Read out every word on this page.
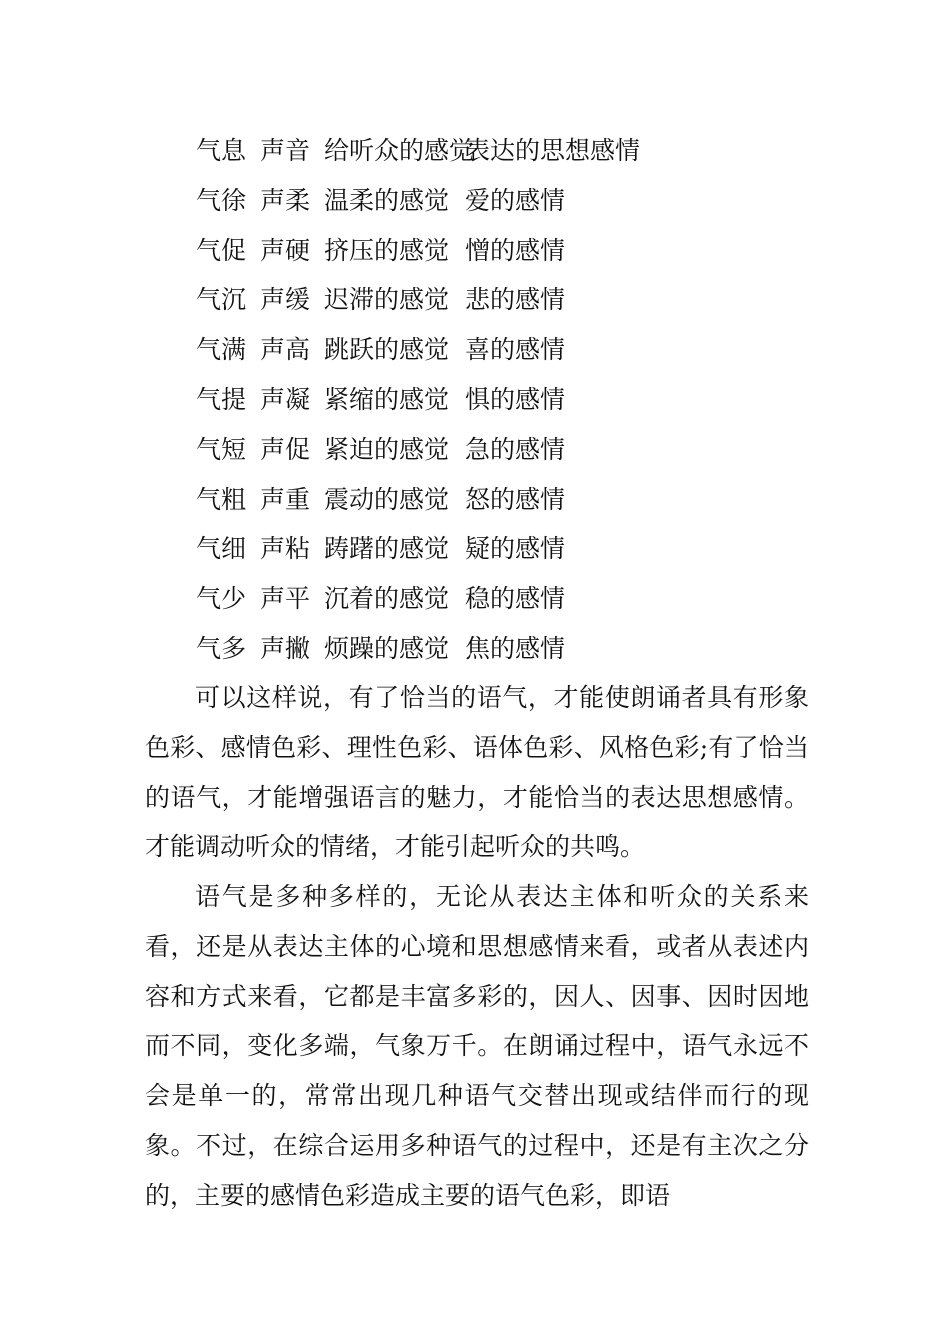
气息 声音 给听众的感觉
表达的思想感情
气徐 声柔 温柔的感觉 爱的感情
气促 声硬 挤压的感觉 憎的感情
气沉 声缓 迟滞的感觉 悲的感情
气满 声高 跳跃的感觉 喜的感情
气提 声凝 紧缩的感觉 惧的感情
气短 声促 紧迫的感觉 急的感情
气粗 声重 震动的感觉 怒的感情
气细 声粘 踌躇的感觉 疑的感情
气少 声平 沉着的感觉 稳的感情
气多 声撇 烦躁的感觉 焦的感情

可以这样说，有了恰当的语气，才能使朗诵者具有形象色彩、感情色彩、理性色彩、语体色彩、风格色彩;有了恰当的语气，才能增强语言的魅力，才能恰当的表达思想感情。才能调动听众的情绪，才能引起听众的共鸣。

语气是多种多样的，无论从表达主体和听众的关系来看，还是从表达主体的心境和思想感情来看，或者从表述内容和方式来看，它都是丰富多彩的，因人、因事、因时因地而不同，变化多端，气象万千。在朗诵过程中，语气永远不会是单一的，常常出现几种语气交替出现或结伴而行的现象。不过，在综合运用多种语气的过程中，还是有主次之分的，主要的感情色彩造成主要的语气色彩，即语
